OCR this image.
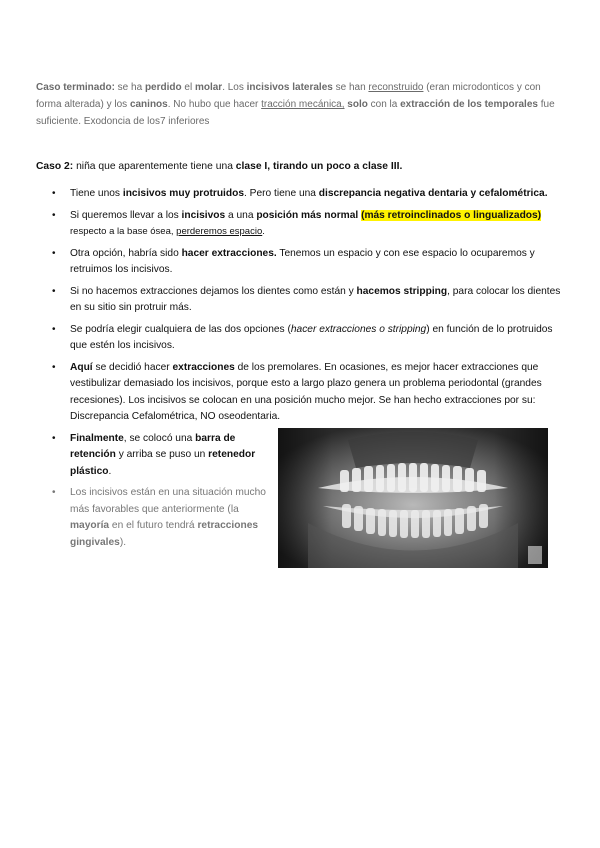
Caso terminado: se ha perdido el molar. Los incisivos laterales se han reconstruido (eran microdonticos y con forma alterada) y los caninos. No hubo que hacer tracción mecánica, solo con la extracción de los temporales fue suficiente. Exodoncia de los7 inferiores
Caso 2: niña que aparentemente tiene una clase I, tirando un poco a clase III.
• Tiene unos incisivos muy protruidos. Pero tiene una discrepancia negativa dentaria y cefalométrica.
• Si queremos llevar a los incisivos a una posición más normal (más retroinclinados o lingualizados)
respecto a la base ósea, perderemos espacio.
• Otra opción, habría sido hacer extracciones. Tenemos un espacio y con ese espacio lo ocuparemos y retruimos los incisivos.
• Si no hacemos extracciones dejamos los dientes como están y hacemos stripping, para colocar los dientes en su sitio sin protruir más.
• Se podría elegir cualquiera de las dos opciones (hacer extracciones o stripping) en función de lo protruidos que estén los incisivos.
• Aquí se decidió hacer extracciones de los premolares. En ocasiones, es mejor hacer extracciones que vestibulizar demasiado los incisivos, porque esto a largo plazo genera un problema periodontal (grandes recesiones). Los incisivos se colocan en una posición mucho mejor. Se han hecho extracciones por su: Discrepancia Cefalométrica, NO oseodentaria.
• Finalmente, se colocó una barra de retención y arriba se puso un retenedor plástico.
• Los incisivos están en una situación mucho más favorables que anteriormente (la mayoría en el futuro tendrá retracciones gingivales).
